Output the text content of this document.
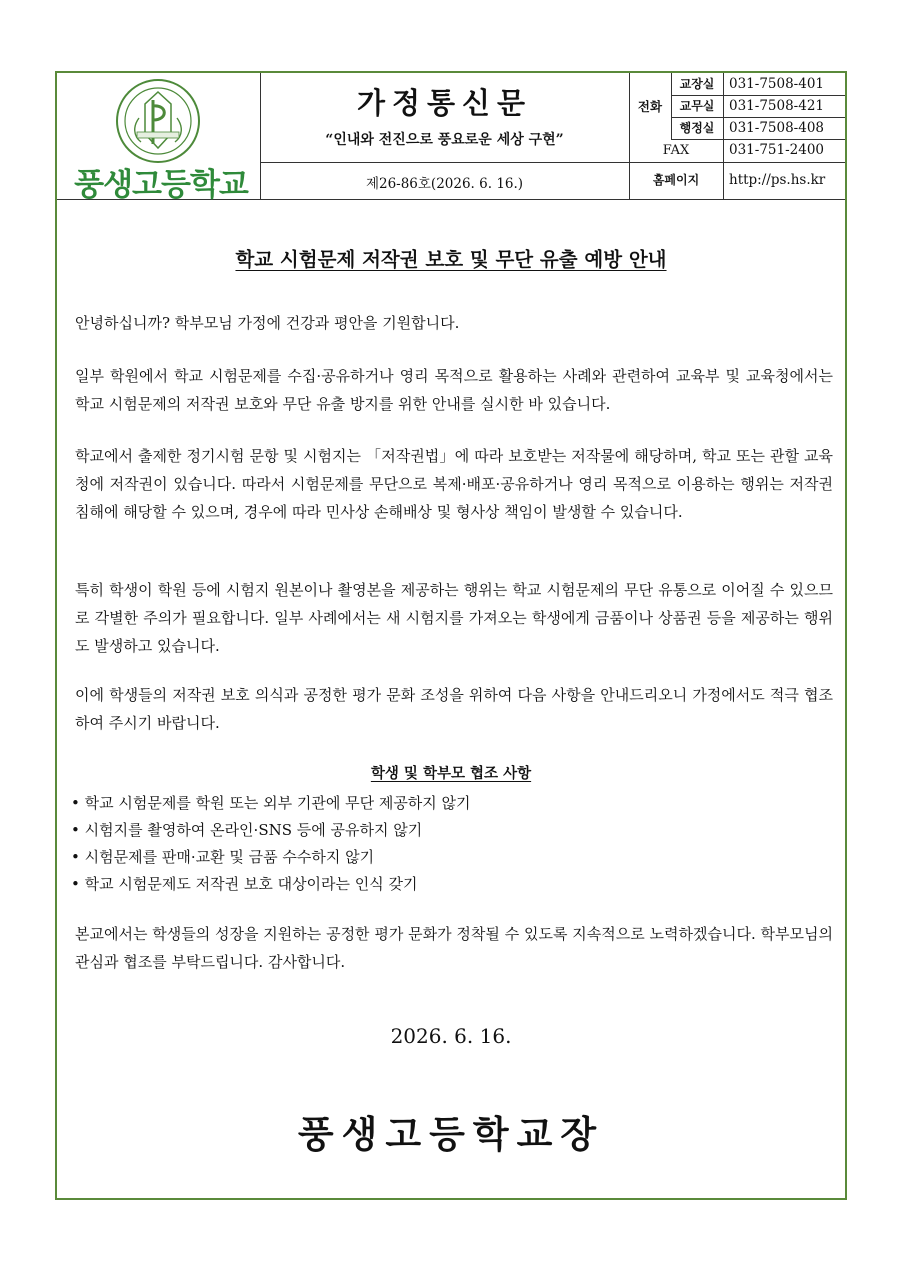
풍생고등학교
가정통신문
“인내와 전진으로 풍요로운 세상 구현”
제26-86호(2026. 6. 16.)
전화
교장실	031-7508-401
교무실	031-7508-421
행정실	031-7508-408
FAX	031-751-2400
홈페이지	http://ps.hs.kr
학교 시험문제 저작권 보호 및 무단 유출 예방 안내
안녕하십니까? 학부모님 가정에 건강과 평안을 기원합니다.
일부 학원에서 학교 시험문제를 수집·공유하거나 영리 목적으로 활용하는 사례와 관련하여 교육부 및 교육청에서는 학교 시험문제의 저작권 보호와 무단 유출 방지를 위한 안내를 실시한 바 있습니다.
학교에서 출제한 정기시험 문항 및 시험지는 「저작권법」에 따라 보호받는 저작물에 해당하며, 학교 또는 관할 교육청에 저작권이 있습니다. 따라서 시험문제를 무단으로 복제·배포·공유하거나 영리 목적으로 이용하는 행위는 저작권 침해에 해당할 수 있으며, 경우에 따라 민사상 손해배상 및 형사상 책임이 발생할 수 있습니다.
특히 학생이 학원 등에 시험지 원본이나 촬영본을 제공하는 행위는 학교 시험문제의 무단 유통으로 이어질 수 있으므로 각별한 주의가 필요합니다. 일부 사례에서는 새 시험지를 가져오는 학생에게 금품이나 상품권 등을 제공하는 행위도 발생하고 있습니다.
이에 학생들의 저작권 보호 의식과 공정한 평가 문화 조성을 위하여 다음 사항을 안내드리오니 가정에서도 적극 협조하여 주시기 바랍니다.
학생 및 학부모 협조 사항
• 학교 시험문제를 학원 또는 외부 기관에 무단 제공하지 않기
• 시험지를 촬영하여 온라인·SNS 등에 공유하지 않기
• 시험문제를 판매·교환 및 금품 수수하지 않기
• 학교 시험문제도 저작권 보호 대상이라는 인식 갖기
본교에서는 학생들의 성장을 지원하는 공정한 평가 문화가 정착될 수 있도록 지속적으로 노력하겠습니다. 학부모님의 관심과 협조를 부탁드립니다. 감사합니다.
2026. 6. 16.
풍생고등학교장
